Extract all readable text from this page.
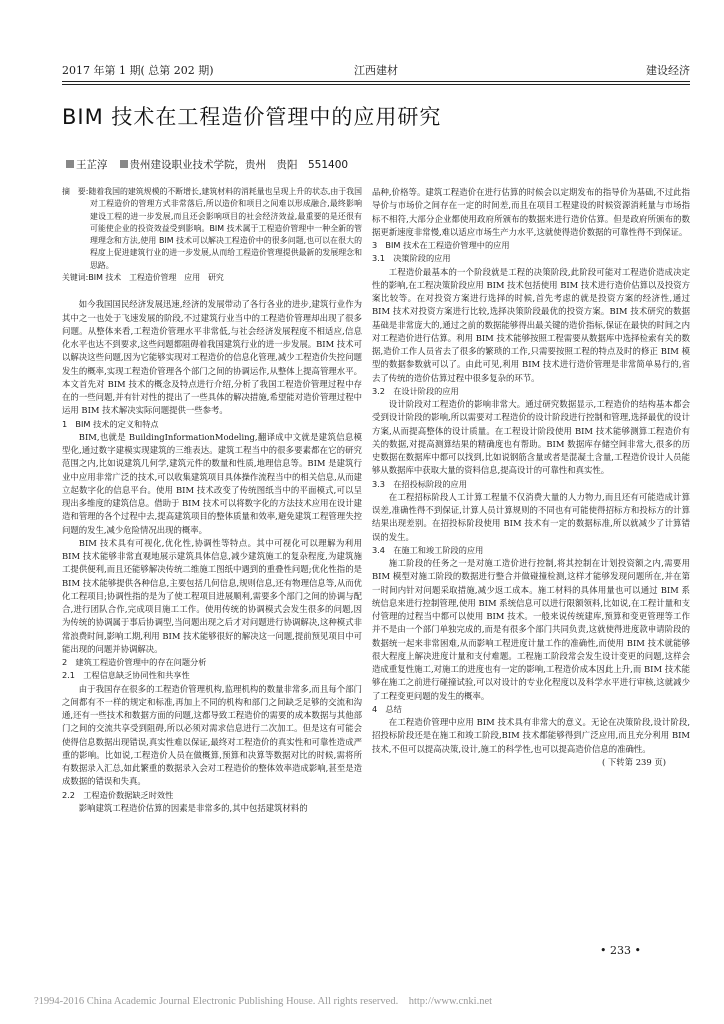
江西建材
2017 年第 1 期( 总第 202 期)	建设经济
BIM 技术在工程造价管理中的应用研究
王芷淳 贵州建设职业技术学院，贵州　贵阳　551400

摘　要:随着我国的建筑规模的不断增长,建筑材料的消耗量也呈现上升的状态,由于我国对工程造价的管理方式非常落后,所以造价和项目之间难以形成融合,最终影响建设工程的进一步发展,而且还会影响项目的社会经济效益,最重要的是还很有可能使企业的投资效益受到影响。BIM 技术属于工程造价管理中一种全新的管理理念和方法,使用 BIM 技术可以解决工程造价中的很多问题,也可以在很大的程度上促进建筑行业的进一步发展,从而给工程造价管理提供最新的发展理念和思路。

关键词:BIM 技术　工程造价管理　应用　研究

如今我国国民经济发展迅速,经济的发展带动了各行各业的进步,建筑行业作为其中之一也处于飞速发展的阶段,不过建筑行业当中的工程造价管理却出现了很多问题。从整体来看,工程造价管理水平非常低,与社会经济发展程度不相适应,信息化水平也达不到要求,这些问题都阻碍着我国建筑行业的进一步发展。BIM 技术可以解决这些问题,因为它能够实现对工程造价的信息化管理,减少工程造价失控问题发生的概率,实现工程造价管理各个部门之间的协调运作,从整体上提高管理水平。本文首先对 BIM 技术的概念及特点进行介绍,分析了我国工程造价管理过程中存在的一些问题,并有针对性的提出了一些具体的解决措施,希望能对造价管理过程中运用 BIM 技术解决实际问题提供一些参考。

1　BIM 技术的定义和特点

BIM,也就是 BuildingInformationModeling,翻译成中文就是建筑信息模型化,通过数字建模实现建筑的三维表达。建筑工程当中的很多要素都在它的研究范围之内,比如说建筑几何学,建筑元件的数量和性质,地理信息等。BIM 是建筑行业中应用非常广泛的技术,可以收集建筑项目具体操作流程当中的相关信息,从而建立起数字化的信息平台。使用 BIM 技术改变了传统图纸当中的平面模式,可以呈现出多维度的建筑信息。借助于 BIM 技术可以将数字化的方法技术应用在设计建造和管理的各个过程中去,提高建筑项目的整体质量和效率,避免建筑工程管理失控问题的发生,减少危险情况出现的概率。

BIM 技术具有可视化,优化性,协调性等特点。其中可视化可以理解为利用 BIM 技术能够非常直观地展示建筑具体信息,减少建筑施工的复杂程度,为建筑施工提供便利,而且还能够解决传统二维施工图纸中遇到的重叠性问题;优化性指的是 BIM 技术能够提供各种信息,主要包括几何信息,规则信息,还有物理信息等,从而优化工程项目;协调性指的是为了使工程项目进展顺利,需要多个部门之间的协调与配合,进行团队合作,完成项目施工工作。使用传统的协调模式会发生很多的问题,因为传统的协调属于事后协调型,当问题出现之后才对问题进行协调解决,这种模式非常浪费时间,影响工期,利用 BIM 技术能够很好的解决这一问题,提前预见项目中可能出现的问题并协调解决。

2　建筑工程造价管理中的存在问题分析

2.1　工程信息缺乏协同性和共享性

由于我国存在很多的工程造价管理机构,监理机构的数量非常多,而且每个部门之间都有不一样的规定和标准,再加上不同的机构和部门之间缺乏足够的交流和沟通,还有一些技术和数据方面的问题,这都导致工程造价的需要的成本数据与其他部门之间的交流共享受到阻碍,所以必须对需求信息进行二次加工。但是这有可能会使得信息数据出现错误,真实性难以保证,最终对工程造价的真实性和可靠性造成严重的影响。比如说,工程造价人员在做概算,预算和决算等数据对比的时候,需将所有数据录入汇总,如此繁重的数据录入会对工程造价的整体效率造成影响,甚至是造成数据的错误和失真。

2.2　工程造价数据缺乏时效性

影响建筑工程造价估算的因素是非常多的,其中包括建筑材料的

品种,价格等。建筑工程造价在进行估算的时候会以定期发布的指导价为基础,不过此指导价与市场价之间存在一定的时间差,而且在项目工程建设的时候资源消耗量与市场指标不相符,大部分企业都使用政府所颁布的数据来进行造价估算。但是政府所颁布的数据更新速度非常慢,难以适应市场生产力水平,这就使得造价数据的可靠性得不到保证。

3　BIM 技术在工程造价管理中的应用

3.1　决策阶段的应用

工程造价最基本的一个阶段就是工程的决策阶段,此阶段可能对工程造价造成决定性的影响,在工程决策阶段应用 BIM 技术包括使用 BIM 技术进行造价估算以及投资方案比较等。在对投资方案进行选择的时候,首先考虑的就是投资方案的经济性,通过 BIM 技术对投资方案进行比较,选择决策阶段最优的投资方案。BIM 技术研究的数据基础是非常庞大的,通过之前的数据能够得出最关键的造价指标,保证在最快的时间之内对工程造价进行估算。利用 BIM 技术能够按照工程需要从数据库中选择检索有关的数据,造价工作人员省去了很多的繁琐的工作,只需要按照工程的特点及时的修正 BIM 模型的数据参数就可以了。由此可见,利用 BIM 技术进行造价管理是非常简单易行的,省去了传统的造价估算过程中很多复杂的环节。

3.2　在设计阶段的应用

设计阶段对工程造价的影响非常大。通过研究数据显示,工程造价的结构基本都会受到设计阶段的影响,所以需要对工程造价的设计阶段进行控制和管理,选择最优的设计方案,从而提高整体的设计质量。在工程设计阶段使用 BIM 技术能够测算工程造价有关的数据,对提高测算结果的精确度也有帮助。BIM 数据库存储空间非常大,很多的历史数据在数据库中都可以找到,比如说钢筋含量或者是混凝土含量,工程造价设计人员能够从数据库中获取大量的资料信息,提高设计的可靠性和真实性。

3.3　在招投标阶段的应用

在工程招标阶段人工计算工程量不仅消费大量的人力物力,而且还有可能造成计算误差,准确性得不到保证,计算人员计算规则的不同也有可能使得招标方和投标方的计算结果出现差别。在招投标阶段使用 BIM 技术有一定的数据标准,所以就减少了计算错误的发生。

3.4　在施工和竣工阶段的应用

施工阶段的任务之一是对施工造价进行控制,将其控制在计划投资额之内,需要用 BIM 模型对施工阶段的数据进行整合并做碰撞检测,这样才能够发现问题所在,并在第一时间内针对问题采取措施,减少返工成本。施工材料的具体用量也可以通过 BIM 系统信息来进行控制管理,使用 BIM 系统信息可以进行限额领料,比如说,在工程计量和支付管理的过程当中都可以使用 BIM 技术。一般来说传统建库,预算和变更管理等工作并不是由一个部门单独完成的,而是有很多个部门共同负责,这就使得进度款申请阶段的数据统一起来非常困难,从而影响工程进度计量工作的准确性,而使用 BIM 技术就能够很大程度上解决进度计量和支付难题。工程施工阶段常会发生设计变更的问题,这样会造成重复性施工,对施工的进度也有一定的影响,工程造价成本因此上升,而 BIM 技术能够在施工之前进行碰撞试验,可以对设计的专业化程度以及科学水平进行审核,这就减少了工程变更问题的发生的概率。

4　总结

在工程造价管理中应用 BIM 技术具有非常大的意义。无论在决策阶段,设计阶段,招投标阶段还是在施工和竣工阶段,BIM 技术都能够得到广泛应用,而且充分利用 BIM 技术,不但可以提高决策,设计,施工的科学性,也可以提高造价信息的准确性。

( 下转第 239 页)

• 233 •
?1994-2016 China Academic Journal Electronic Publishing House. All rights reserved.　http://www.cnki.net
